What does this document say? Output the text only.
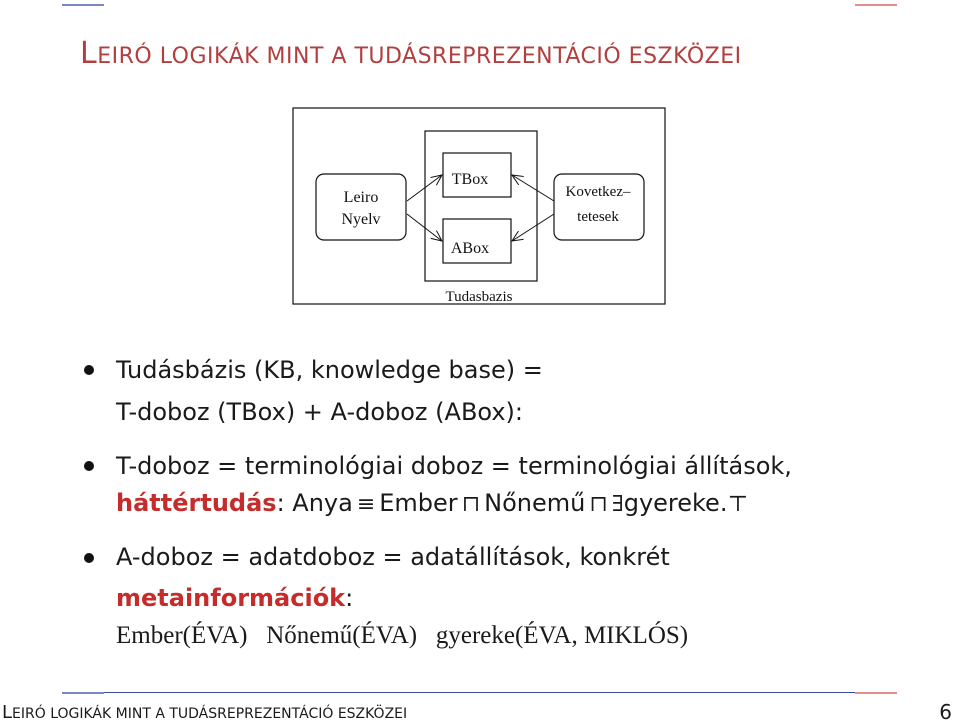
LEIRÓ LOGIKÁK MINT A TUDÁSREPREZENTÁCIÓ ESZKÖZEI
Leiro
Nyelv
TBox
ABox
Kovetkez–
tetesek
Tudasbazis
Tudásbázis (KB, knowledge base) =
T-doboz (TBox) + A-doboz (ABox):
T-doboz = terminológiai doboz = terminológiai állítások,
háttértudás: Anya ≡ Ember ⊓ Nőnemű ⊓ ∃gyereke.⊤
A-doboz = adatdoboz = adatállítások, konkrét
metainformációk:
Ember(ÉVA)   Nőnemű(ÉVA)   gyereke(ÉVA, MIKLÓS)
LEIRÓ LOGIKÁK MINT A TUDÁSREPREZENTÁCIÓ ESZKÖZEI	6
